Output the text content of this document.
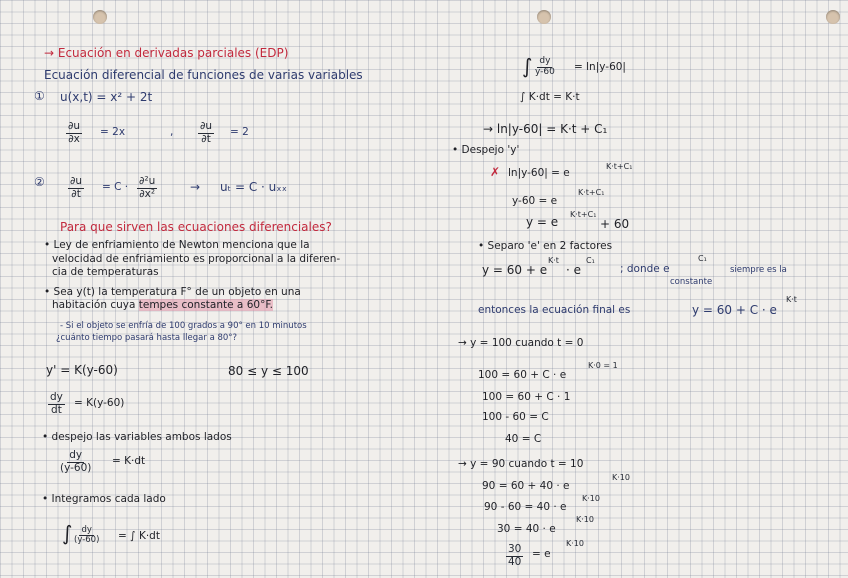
→ Ecuación en derivadas parciales (EDP)
Ecuación diferencial de funciones de varias variables
① u(x,t) = x² + 2t
$\frac{\partial u}{\partial x} = 2x$	, $\frac{\partial u}{\partial t} = 2$
② $\frac{\partial u}{\partial t} = C \cdot \frac{\text{∂²u}}{\text{∂x²}}$	→ uₜ = C · uₓₓ
Para que sirven las ecuaciones diferenciales?
• Ley de enfriamiento de Newton menciona que la
velocidad de enfriamiento es proporcional a la diferen-
cia de temperaturas
• Sea y(t) la temperatura F° de un objeto en una
habitación cuya tempes constante a 60°F.
- Si el objeto se enfría de 100 grados a 90° en 10 minutos
¿cuánto tiempo pasará hasta llegar a 80°?
y' = K(y-60)	80 ≤ y ≤ 100
$\frac{dy}{dt} = K(y-60)$
• despejo las variables ambos lados
$\frac{dy}{(y-60)} = K\cdot dt$
• Integramos cada lado
∫ $\frac{dy}{(y-60)}$ = ∫ K·dt
∫ $\frac{dy}{y-60} = \ln|y-60|$
∫ K·dt = K·t
→ ln|y-60| = K·t + C₁
• Despejo 'y'
✗ ln|y-60| = e
K·t+C₁
y-60 = e
K·t+C₁
y = e
K·t+C₁
+ 60
• Separo 'e' en 2 factores
y = 60 + e
K·t
· e
C₁
; donde e
C₁
siempre es la
constante
entonces la ecuación final es	y = 60 + C · e
K·t
→ y = 100 cuando t = 0
100 = 60 + C · e
K·0 = 1
100 = 60 + C · 1
100 - 60 = C
40 = C
→ y = 90 cuando t = 10
90 = 60 + 40 · e
K·10
90 - 60 = 40 · e
K·10
30 = 40 · e
K·10
$\frac{30}{40} = e$
K·10
